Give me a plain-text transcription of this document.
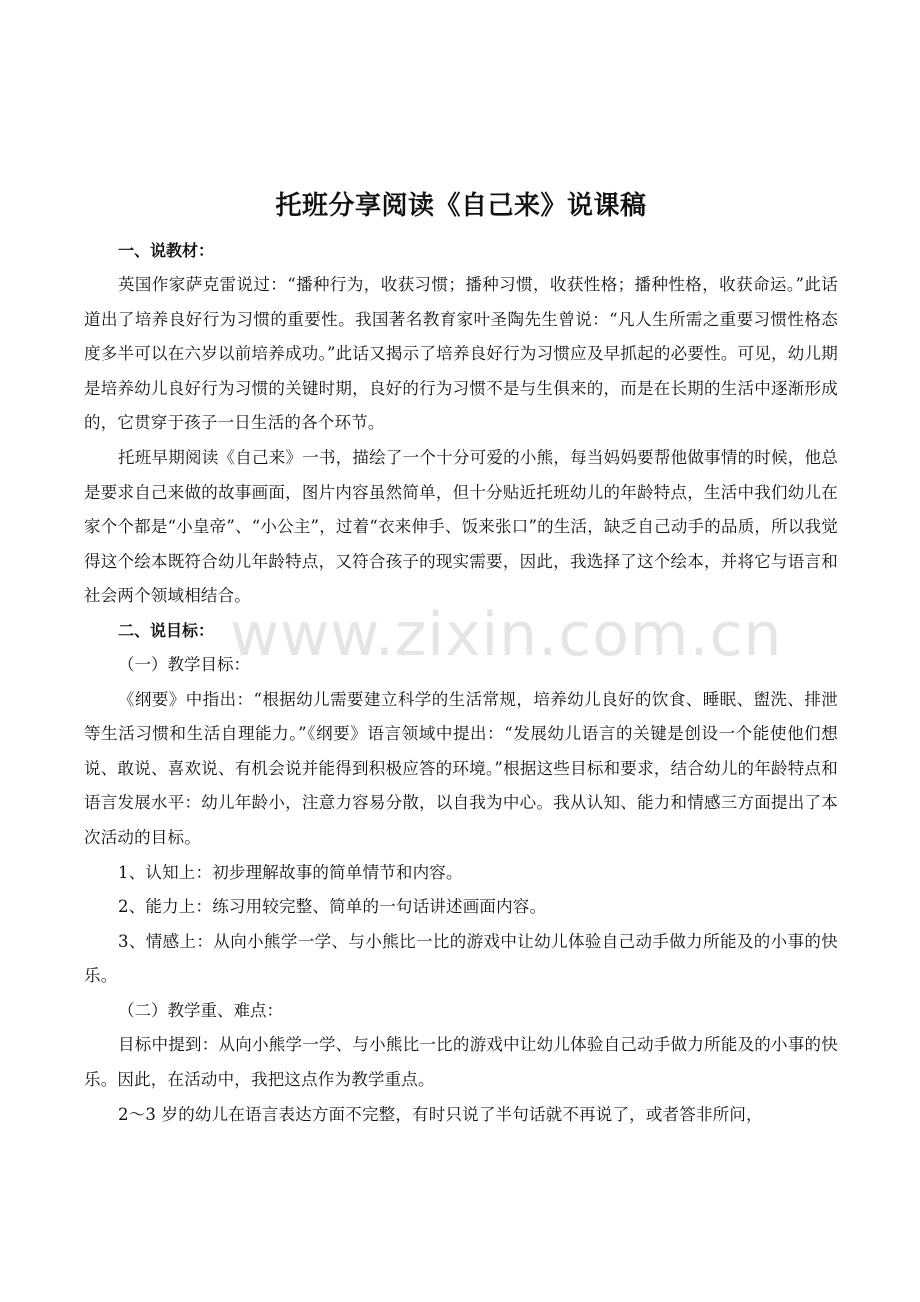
www.zixin.com.cn
托班分享阅读《自己来》说课稿

一、说教材：

英国作家萨克雷说过：“播种行为，收获习惯；播种习惯，收获性格；播种性格，收获命运。”此话道出了培养良好行为习惯的重要性。我国著名教育家叶圣陶先生曾说：“凡人生所需之重要习惯性格态度多半可以在六岁以前培养成功。”此话又揭示了培养良好行为习惯应及早抓起的必要性。可见，幼儿期是培养幼儿良好行为习惯的关键时期，良好的行为习惯不是与生俱来的，而是在长期的生活中逐渐形成的，它贯穿于孩子一日生活的各个环节。

托班早期阅读《自己来》一书，描绘了一个十分可爱的小熊，每当妈妈要帮他做事情的时候，他总是要求自己来做的故事画面，图片内容虽然简单，但十分贴近托班幼儿的年龄特点，生活中我们幼儿在家个个都是“小皇帝”、“小公主”，过着“衣来伸手、饭来张口”的生活，缺乏自己动手的品质，所以我觉得这个绘本既符合幼儿年龄特点，又符合孩子的现实需要，因此，我选择了这个绘本，并将它与语言和社会两个领域相结合。

二、说目标：

（一）教学目标：

《纲要》中指出：“根据幼儿需要建立科学的生活常规，培养幼儿良好的饮食、睡眠、盥洗、排泄等生活习惯和生活自理能力。”《纲要》语言领域中提出：“发展幼儿语言的关键是创设一个能使他们想说、敢说、喜欢说、有机会说并能得到积极应答的环境。”根据这些目标和要求，结合幼儿的年龄特点和语言发展水平：幼儿年龄小，注意力容易分散，以自我为中心。我从认知、能力和情感三方面提出了本次活动的目标。

1、认知上：初步理解故事的简单情节和内容。

2、能力上：练习用较完整、简单的一句话讲述画面内容。

3、情感上：从向小熊学一学、与小熊比一比的游戏中让幼儿体验自己动手做力所能及的小事的快乐。

（二）教学重、难点：

目标中提到：从向小熊学一学、与小熊比一比的游戏中让幼儿体验自己动手做力所能及的小事的快乐。因此，在活动中，我把这点作为教学重点。

2～3 岁的幼儿在语言表达方面不完整，有时只说了半句话就不再说了，或者答非所问，
